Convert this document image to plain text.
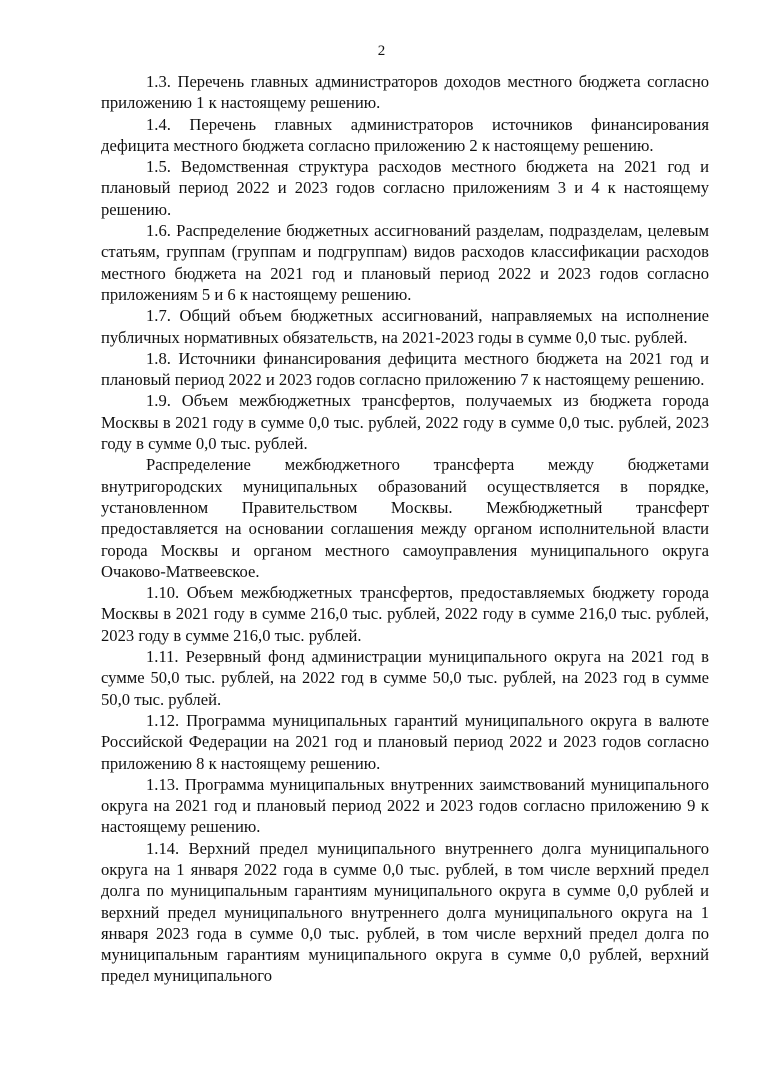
2

1.3. Перечень главных администраторов доходов местного бюджета согласно приложению 1 к настоящему решению.

1.4. Перечень главных администраторов источников финансирования дефицита местного бюджета согласно приложению 2 к настоящему решению.

1.5. Ведомственная структура расходов местного бюджета на 2021 год и плановый период 2022 и 2023 годов согласно приложениям 3 и 4 к настоящему решению.

1.6. Распределение бюджетных ассигнований разделам, подразделам, целевым статьям, группам (группам и подгруппам) видов расходов классификации расходов местного бюджета на 2021 год и плановый период 2022 и 2023 годов согласно приложениям 5 и 6 к настоящему решению.

1.7. Общий объем бюджетных ассигнований, направляемых на исполнение публичных нормативных обязательств, на 2021-2023 годы в сумме 0,0 тыс. рублей.

1.8. Источники финансирования дефицита местного бюджета на 2021 год и плановый период 2022 и 2023 годов согласно приложению 7 к настоящему решению.

1.9. Объем межбюджетных трансфертов, получаемых из бюджета города Москвы в 2021 году в сумме 0,0 тыс. рублей, 2022 году в сумме 0,0 тыс. рублей, 2023 году в сумме 0,0 тыс. рублей.

Распределение межбюджетного трансферта между бюджетами внутригородских муниципальных образований осуществляется в порядке, установленном Правительством Москвы. Межбюджетный трансферт предоставляется на основании соглашения между органом исполнительной власти города Москвы и органом местного самоуправления муниципального округа Очаково-Матвеевское.

1.10. Объем межбюджетных трансфертов, предоставляемых бюджету города Москвы в 2021 году в сумме 216,0 тыс. рублей, 2022 году в сумме 216,0 тыс. рублей, 2023 году в сумме 216,0 тыс. рублей.

1.11. Резервный фонд администрации муниципального округа на 2021 год в сумме 50,0 тыс. рублей, на 2022 год в сумме 50,0 тыс. рублей, на 2023 год в сумме 50,0 тыс. рублей.

1.12. Программа муниципальных гарантий муниципального округа в валюте Российской Федерации на 2021 год и плановый период 2022 и 2023 годов согласно приложению 8 к настоящему решению.

1.13. Программа муниципальных внутренних заимствований муниципального округа на 2021 год и плановый период 2022 и 2023 годов согласно приложению 9 к настоящему решению.

1.14. Верхний предел муниципального внутреннего долга муниципального округа на 1 января 2022 года в сумме 0,0 тыс. рублей, в том числе верхний предел долга по муниципальным гарантиям муниципального округа в сумме 0,0 рублей и верхний предел муниципального внутреннего долга муниципального округа на 1 января 2023 года в сумме 0,0 тыс. рублей, в том числе верхний предел долга по муниципальным гарантиям муниципального округа в сумме 0,0 рублей, верхний предел муниципального
